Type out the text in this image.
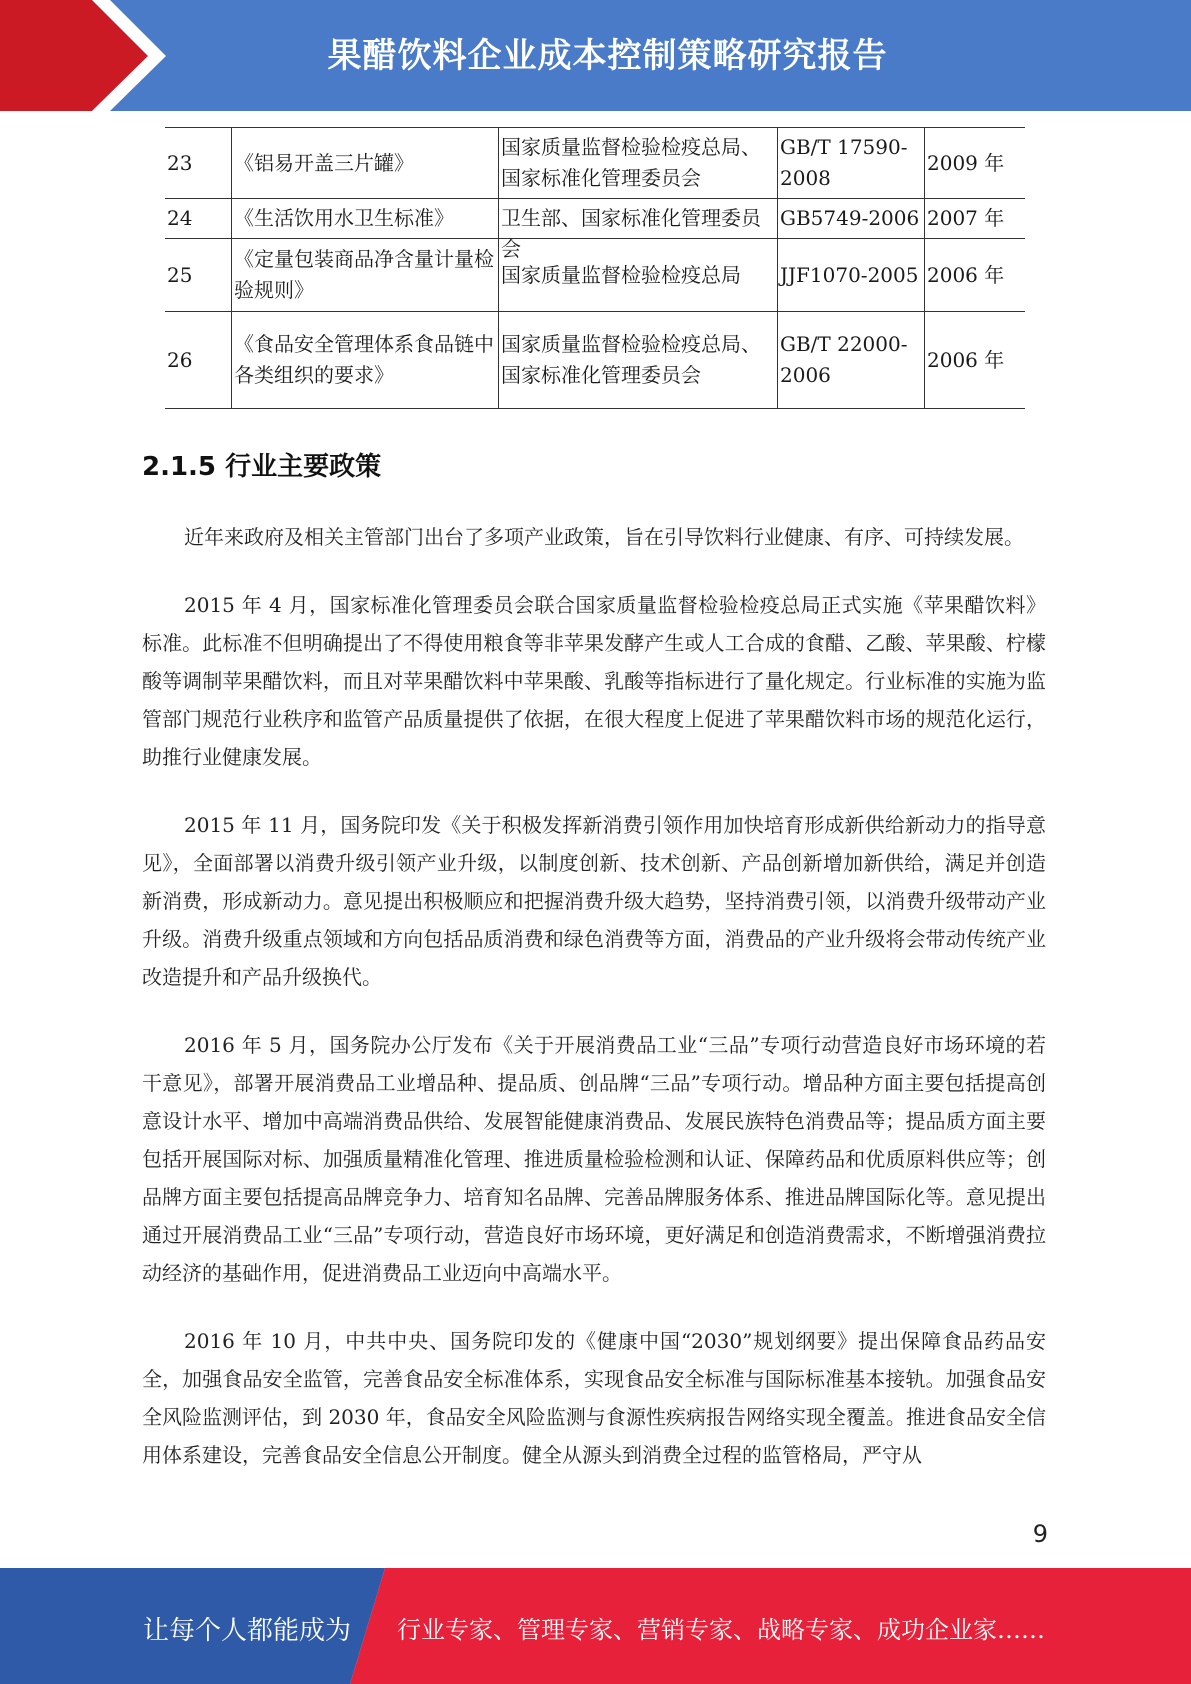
果醋饮料企业成本控制策略研究报告
23	《铝易开盖三片罐》	国家质量监督检验检疫总局、国家标准化管理委员会	GB/T 17590-2008	2009 年
24	《生活饮用水卫生标准》	卫生部、国家标准化管理委员会	GB5749-2006	2007 年
25	《定量包装商品净含量计量检验规则》	国家质量监督检验检疫总局	JJF1070-2005	2006 年
26	《食品安全管理体系食品链中各类组织的要求》	国家质量监督检验检疫总局、国家标准化管理委员会	GB/T 22000-2006	2006 年
2.1.5 行业主要政策

近年来政府及相关主管部门出台了多项产业政策，旨在引导饮料行业健康、有序、可持续发展。

2015 年 4 月，国家标准化管理委员会联合国家质量监督检验检疫总局正式实施《苹果醋饮料》标准。此标准不但明确提出了不得使用粮食等非苹果发酵产生或人工合成的食醋、乙酸、苹果酸、柠檬酸等调制苹果醋饮料，而且对苹果醋饮料中苹果酸、乳酸等指标进行了量化规定。行业标准的实施为监管部门规范行业秩序和监管产品质量提供了依据，在很大程度上促进了苹果醋饮料市场的规范化运行，助推行业健康发展。

2015 年 11 月，国务院印发《关于积极发挥新消费引领作用加快培育形成新供给新动力的指导意见》，全面部署以消费升级引领产业升级，以制度创新、技术创新、产品创新增加新供给，满足并创造新消费，形成新动力。意见提出积极顺应和把握消费升级大趋势，坚持消费引领，以消费升级带动产业升级。消费升级重点领域和方向包括品质消费和绿色消费等方面，消费品的产业升级将会带动传统产业改造提升和产品升级换代。

2016 年 5 月，国务院办公厅发布《关于开展消费品工业“三品”专项行动营造良好市场环境的若干意见》，部署开展消费品工业增品种、提品质、创品牌“三品”专项行动。增品种方面主要包括提高创意设计水平、增加中高端消费品供给、发展智能健康消费品、发展民族特色消费品等；提品质方面主要包括开展国际对标、加强质量精准化管理、推进质量检验检测和认证、保障药品和优质原料供应等；创品牌方面主要包括提高品牌竞争力、培育知名品牌、完善品牌服务体系、推进品牌国际化等。意见提出通过开展消费品工业“三品”专项行动，营造良好市场环境，更好满足和创造消费需求，不断增强消费拉动经济的基础作用，促进消费品工业迈向中高端水平。

2016 年 10 月，中共中央、国务院印发的《健康中国“2030”规划纲要》提出保障食品药品安全，加强食品安全监管，完善食品安全标准体系，实现食品安全标准与国际标准基本接轨。加强食品安全风险监测评估，到 2030 年，食品安全风险监测与食源性疾病报告网络实现全覆盖。推进食品安全信用体系建设，完善食品安全信息公开制度。健全从源头到消费全过程的监管格局，严守从

9
让每个人都能成为 行业专家、管理专家、营销专家、战略专家、成功企业家……
